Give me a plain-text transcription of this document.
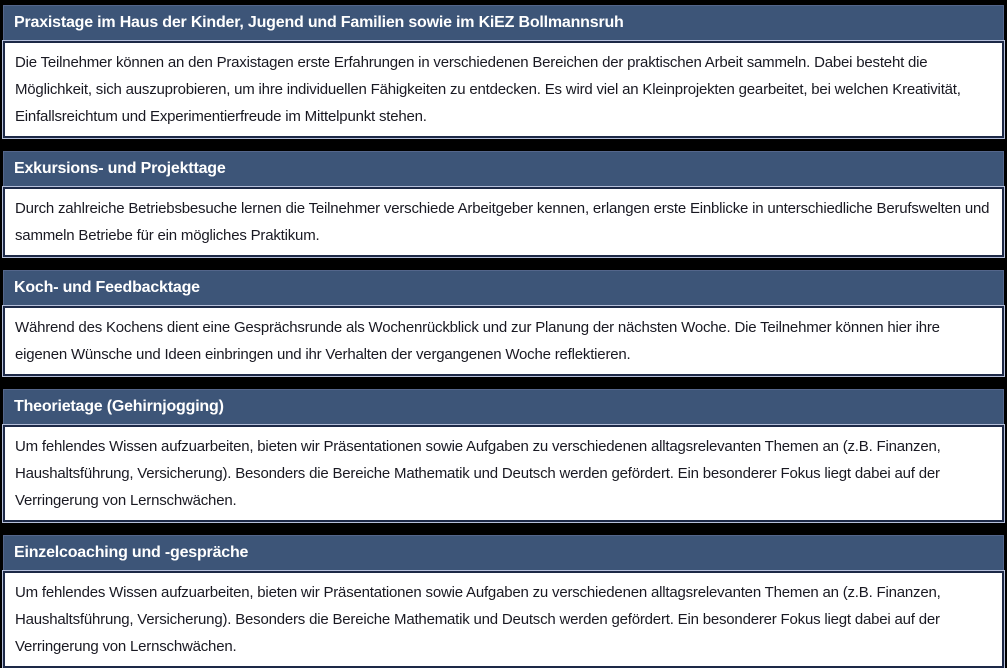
Praxistage im Haus der Kinder, Jugend und Familien sowie im KiEZ Bollmannsruh
Die Teilnehmer können an den Praxistagen erste Erfahrungen in verschiedenen Bereichen der praktischen Arbeit sammeln. Dabei besteht die Möglichkeit, sich auszuprobieren, um ihre individuellen Fähigkeiten zu entdecken. Es wird viel an Kleinprojekten gearbeitet, bei welchen Kreativität, Einfallsreichtum und Experimentierfreude im Mittelpunkt stehen.
Exkursions- und Projekttage
Durch zahlreiche Betriebsbesuche lernen die Teilnehmer verschiede Arbeitgeber kennen, erlangen erste Einblicke in unterschiedliche Berufswelten und sammeln Betriebe für ein mögliches Praktikum.
Koch- und Feedbacktage
Während des Kochens dient eine Gesprächsrunde als Wochenrückblick und zur Planung der nächsten Woche. Die Teilnehmer können hier ihre eigenen Wünsche und Ideen einbringen und ihr Verhalten der vergangenen Woche reflektieren.
Theorietage (Gehirnjogging)
Um fehlendes Wissen aufzuarbeiten, bieten wir Präsentationen sowie Aufgaben zu verschiedenen alltagsrelevanten Themen an (z.B. Finanzen, Haushaltsführung, Versicherung). Besonders die Bereiche Mathematik und Deutsch werden gefördert. Ein besonderer Fokus liegt dabei auf der Verringerung von Lernschwächen.
Einzelcoaching und -gespräche
Um fehlendes Wissen aufzuarbeiten, bieten wir Präsentationen sowie Aufgaben zu verschiedenen alltagsrelevanten Themen an (z.B. Finanzen, Haushaltsführung, Versicherung). Besonders die Bereiche Mathematik und Deutsch werden gefördert. Ein besonderer Fokus liegt dabei auf der Verringerung von Lernschwächen.
